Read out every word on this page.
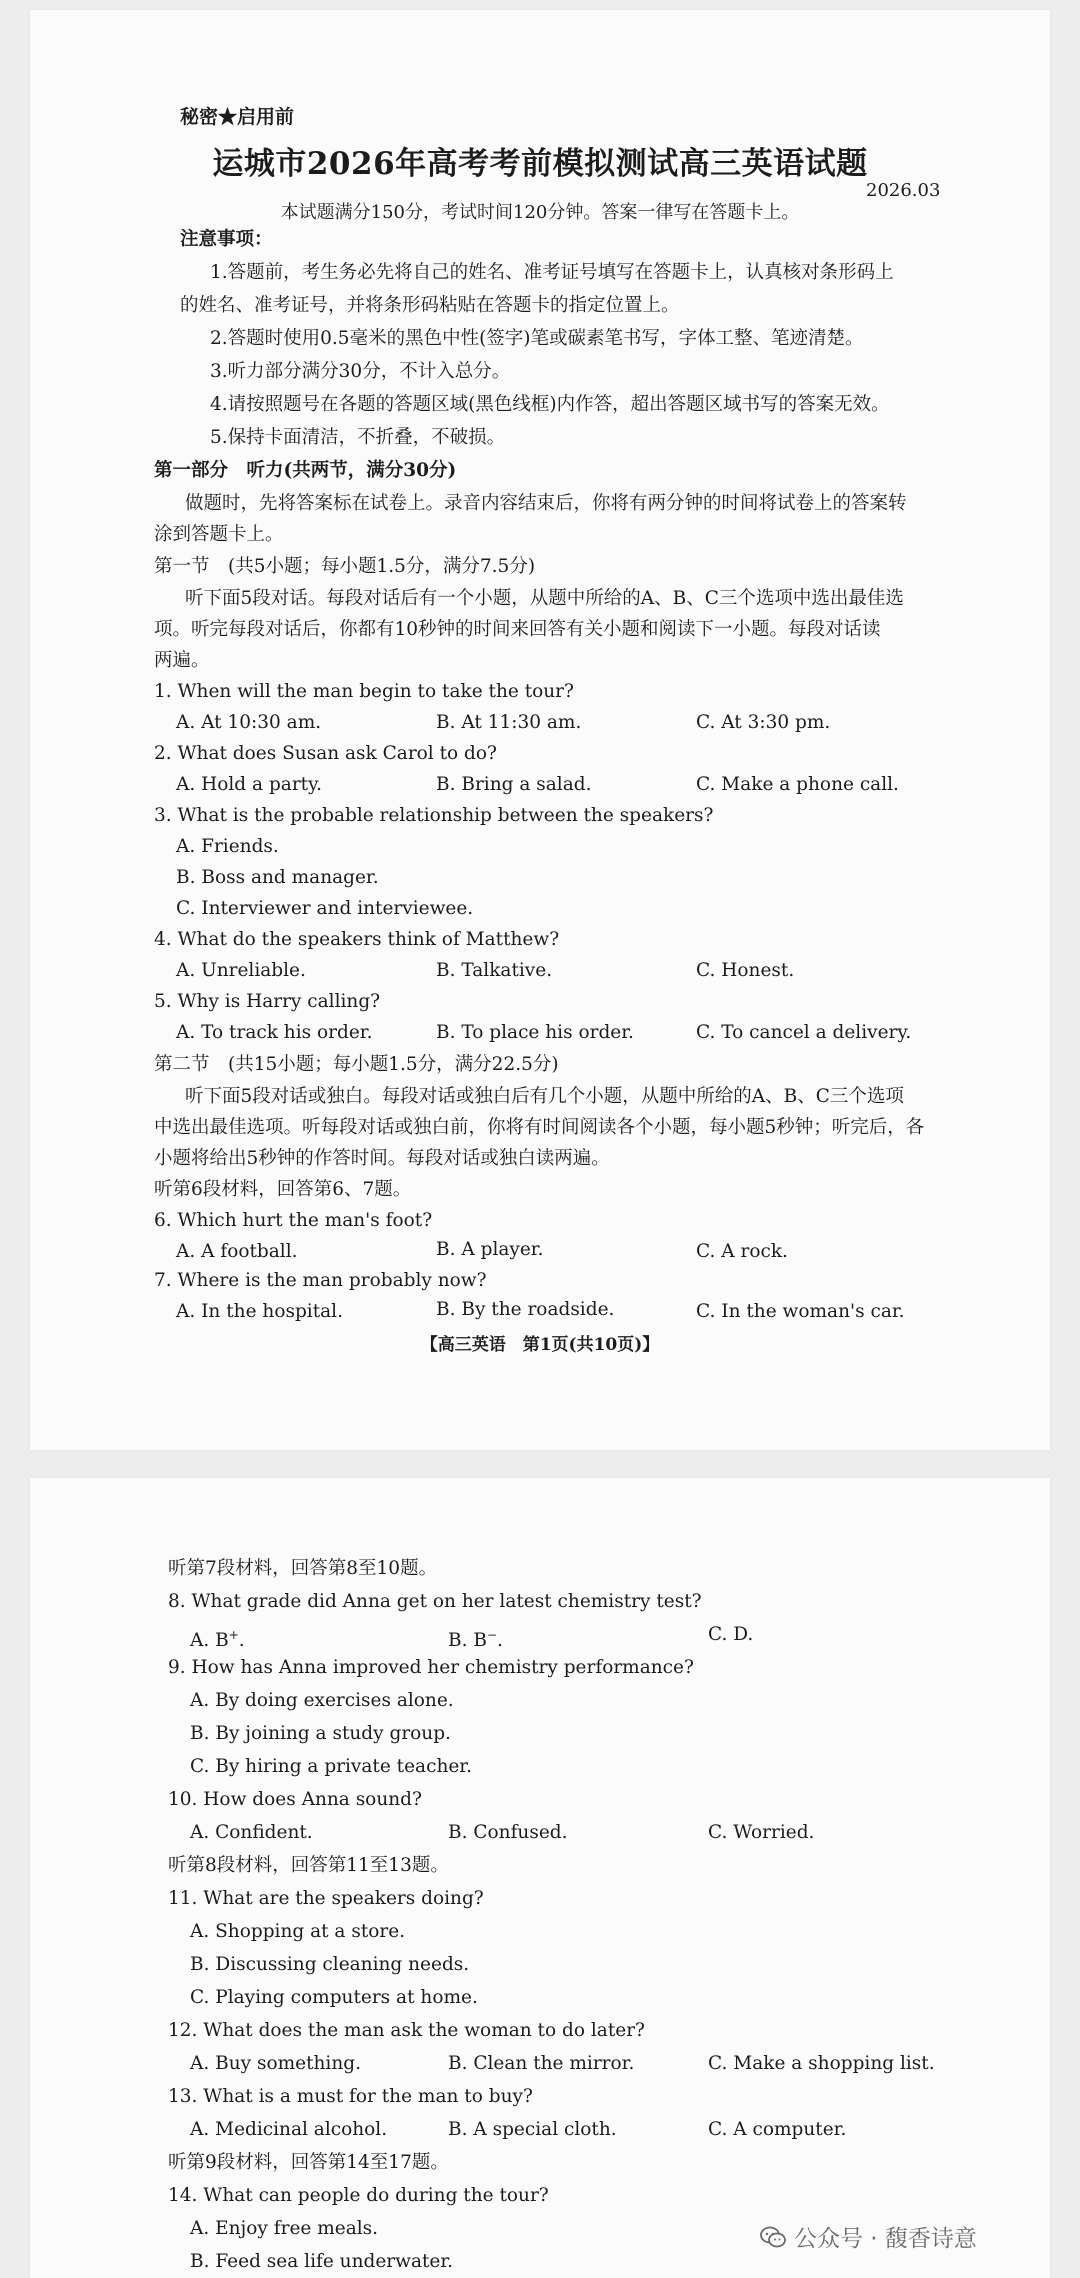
秘密★启用前
运城市2026年高考考前模拟测试高三英语试题
2026.03
本试题满分150分，考试时间120分钟。答案一律写在答题卡上。
注意事项：
1.答题前，考生务必先将自己的姓名、准考证号填写在答题卡上，认真核对条形码上
的姓名、准考证号，并将条形码粘贴在答题卡的指定位置上。
2.答题时使用0.5毫米的黑色中性(签字)笔或碳素笔书写，字体工整、笔迹清楚。
3.听力部分满分30分，不计入总分。
4.请按照题号在各题的答题区域(黑色线框)内作答，超出答题区域书写的答案无效。
5.保持卡面清洁，不折叠，不破损。
第一部分　听力(共两节，满分30分)
做题时，先将答案标在试卷上。录音内容结束后，你将有两分钟的时间将试卷上的答案转
涂到答题卡上。
第一节　(共5小题；每小题1.5分，满分7.5分)
听下面5段对话。每段对话后有一个小题，从题中所给的A、B、C三个选项中选出最佳选
项。听完每段对话后，你都有10秒钟的时间来回答有关小题和阅读下一小题。每段对话读
两遍。
1. When will the man begin to take the tour?
A. At 10:30 am.	B. At 11:30 am.	C. At 3:30 pm.
2. What does Susan ask Carol to do?
A. Hold a party.	B. Bring a salad.	C. Make a phone call.
3. What is the probable relationship between the speakers?
A. Friends.
B. Boss and manager.
C. Interviewer and interviewee.
4. What do the speakers think of Matthew?
A. Unreliable.	B. Talkative.	C. Honest.
5. Why is Harry calling?
A. To track his order.	B. To place his order.	C. To cancel a delivery.
第二节　(共15小题；每小题1.5分，满分22.5分)
听下面5段对话或独白。每段对话或独白后有几个小题，从题中所给的A、B、C三个选项
中选出最佳选项。听每段对话或独白前，你将有时间阅读各个小题，每小题5秒钟；听完后，各
小题将给出5秒钟的作答时间。每段对话或独白读两遍。
听第6段材料，回答第6、7题。
6. Which hurt the man's foot?
A. A football.	B. A player.	C. A rock.
7. Where is the man probably now?
A. In the hospital.	B. By the roadside.	C. In the woman's car.
【高三英语　第1页(共10页)】
听第7段材料，回答第8至10题。
8. What grade did Anna get on her latest chemistry test?
A. B+.	B. B−.	C. D.
9. How has Anna improved her chemistry performance?
A. By doing exercises alone.
B. By joining a study group.
C. By hiring a private teacher.
10. How does Anna sound?
A. Confident.	B. Confused.	C. Worried.
听第8段材料，回答第11至13题。
11. What are the speakers doing?
A. Shopping at a store.
B. Discussing cleaning needs.
C. Playing computers at home.
12. What does the man ask the woman to do later?
A. Buy something.	B. Clean the mirror.	C. Make a shopping list.
13. What is a must for the man to buy?
A. Medicinal alcohol.	B. A special cloth.	C. A computer.
听第9段材料，回答第14至17题。
14. What can people do during the tour?
A. Enjoy free meals.
B. Feed sea life underwater.
公众号 · 馥香诗意
